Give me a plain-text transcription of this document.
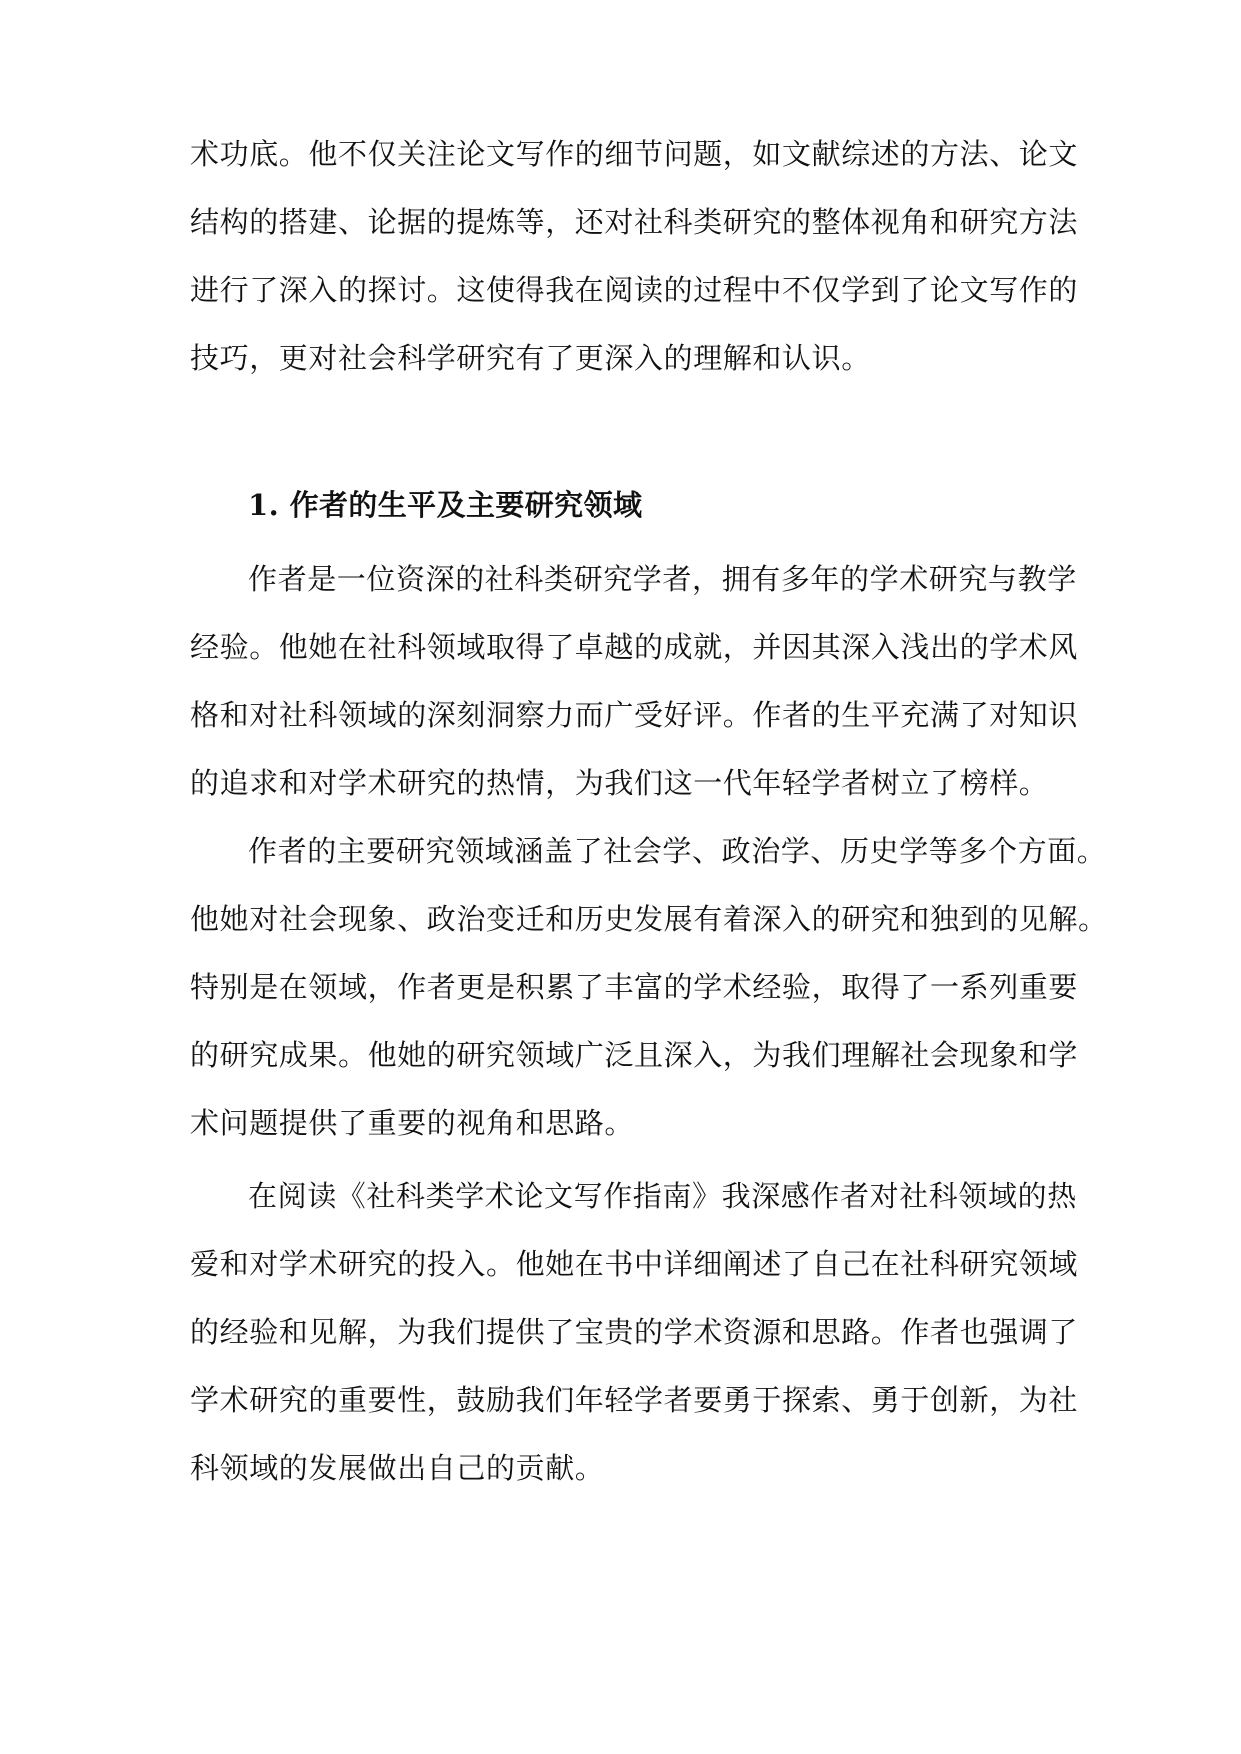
术功底。他不仅关注论文写作的细节问题，如文献综述的方法、论文
结构的搭建、论据的提炼等，还对社科类研究的整体视角和研究方法
进行了深入的探讨。这使得我在阅读的过程中不仅学到了论文写作的
技巧，更对社会科学研究有了更深入的理解和认识。
1. 作者的生平及主要研究领域
作者是一位资深的社科类研究学者，拥有多年的学术研究与教学
经验。他她在社科领域取得了卓越的成就，并因其深入浅出的学术风
格和对社科领域的深刻洞察力而广受好评。作者的生平充满了对知识
的追求和对学术研究的热情，为我们这一代年轻学者树立了榜样。
作者的主要研究领域涵盖了社会学、政治学、历史学等多个方面。
他她对社会现象、政治变迁和历史发展有着深入的研究和独到的见解。
特别是在领域，作者更是积累了丰富的学术经验，取得了一系列重要
的研究成果。他她的研究领域广泛且深入，为我们理解社会现象和学
术问题提供了重要的视角和思路。
在阅读《社科类学术论文写作指南》我深感作者对社科领域的热
爱和对学术研究的投入。他她在书中详细阐述了自己在社科研究领域
的经验和见解，为我们提供了宝贵的学术资源和思路。作者也强调了
学术研究的重要性，鼓励我们年轻学者要勇于探索、勇于创新，为社
科领域的发展做出自己的贡献。
